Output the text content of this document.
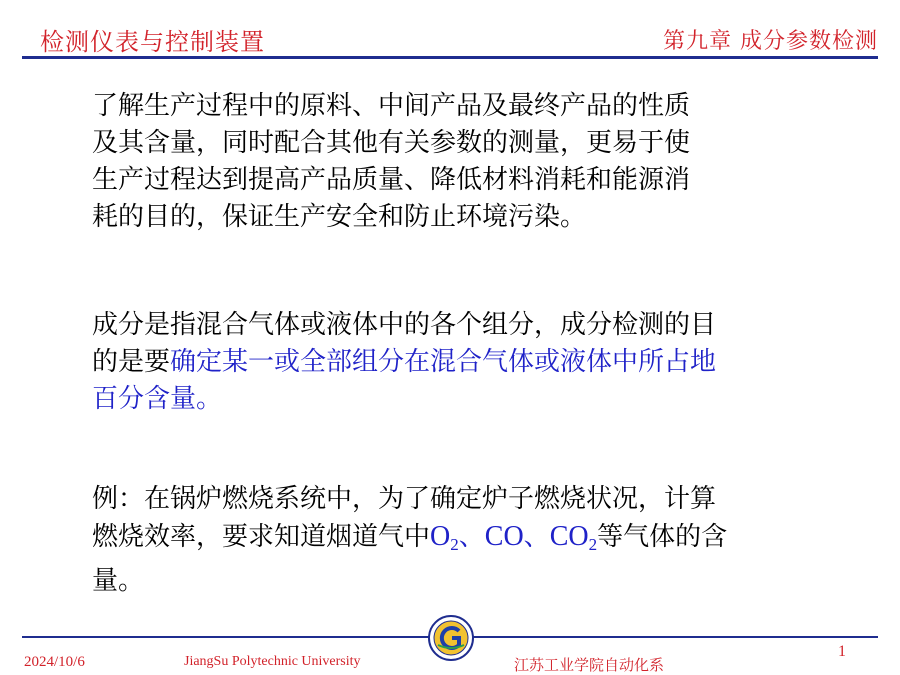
检测仪表与控制装置	第九章 成分参数检测
了解生产过程中的原料、中间产品及最终产品的性质
及其含量，同时配合其他有关参数的测量，更易于使
生产过程达到提高产品质量、降低材料消耗和能源消
耗的目的，保证生产安全和防止环境污染。
成分是指混合气体或液体中的各个组分，成分检测的目
的是要确定某一或全部组分在混合气体或液体中所占地
百分含量。
例：在锅炉燃烧系统中，为了确定炉子燃烧状况，计算
燃烧效率，要求知道烟道气中$O_2$、CO、$CO_2$等气体的含
量。
2024/10/6	JiangSu Polytechnic University	江苏工业学院自动化系
1
